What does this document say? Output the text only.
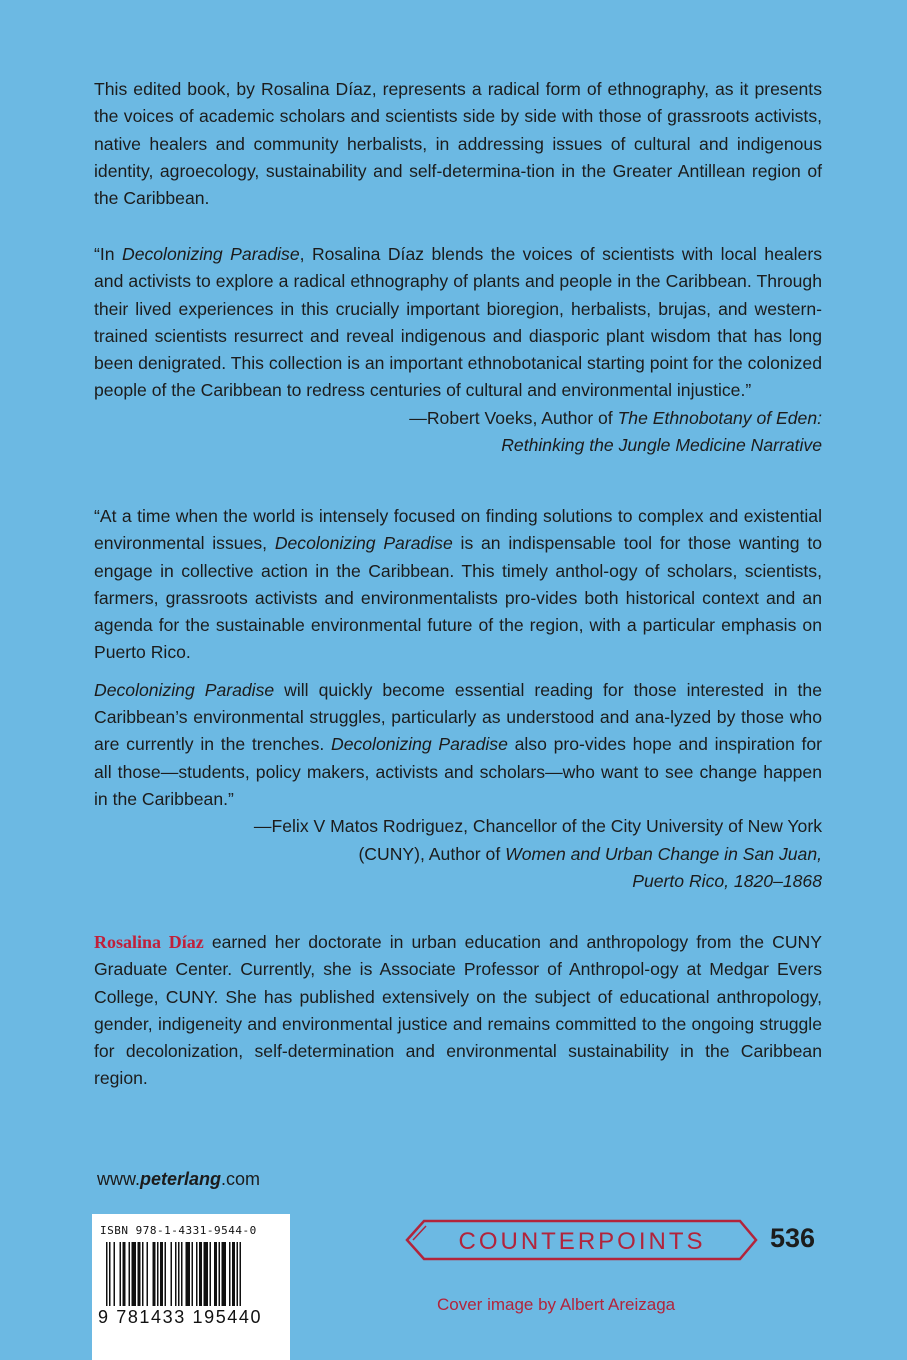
This edited book, by Rosalina Díaz, represents a radical form of ethnography, as it presents the voices of academic scholars and scientists side by side with those of grassroots activists, native healers and community herbalists, in addressing issues of cultural and indigenous identity, agroecology, sustainability and self-determina-tion in the Greater Antillean region of the Caribbean.

“In Decolonizing Paradise, Rosalina Díaz blends the voices of scientists with local healers and activists to explore a radical ethnography of plants and people in the Caribbean. Through their lived experiences in this crucially important bioregion, herbalists, brujas, and western-trained scientists resurrect and reveal indigenous and diasporic plant wisdom that has long been denigrated. This collection is an important ethnobotanical starting point for the colonized people of the Caribbean to redress centuries of cultural and environmental injustice.”

—Robert Voeks, Author of The Ethnobotany of Eden:
Rethinking the Jungle Medicine Narrative

“At a time when the world is intensely focused on finding solutions to complex and existential environmental issues, Decolonizing Paradise is an indispensable tool for those wanting to engage in collective action in the Caribbean. This timely anthol-ogy of scholars, scientists, farmers, grassroots activists and environmentalists pro-vides both historical context and an agenda for the sustainable environmental future of the region, with a particular emphasis on Puerto Rico.

Decolonizing Paradise will quickly become essential reading for those interested in the Caribbean’s environmental struggles, particularly as understood and ana-lyzed by those who are currently in the trenches. Decolonizing Paradise also pro-vides hope and inspiration for all those—students, policy makers, activists and scholars—who want to see change happen in the Caribbean.”

—Felix V Matos Rodriguez, Chancellor of the City University of New York
(CUNY), Author of Women and Urban Change in San Juan,
Puerto Rico, 1820–1868

Rosalina Díaz earned her doctorate in urban education and anthropology from the CUNY Graduate Center. Currently, she is Associate Professor of Anthropol-ogy at Medgar Evers College, CUNY. She has published extensively on the subject of educational anthropology, gender, indigeneity and environmental justice and remains committed to the ongoing struggle for decolonization, self-determination and environmental sustainability in the Caribbean region.

www.peterlang.com
ISBN 978-1-4331-9544-0
9 781433 195440
COUNTERPOINTS 536
Cover image by Albert Areizaga
